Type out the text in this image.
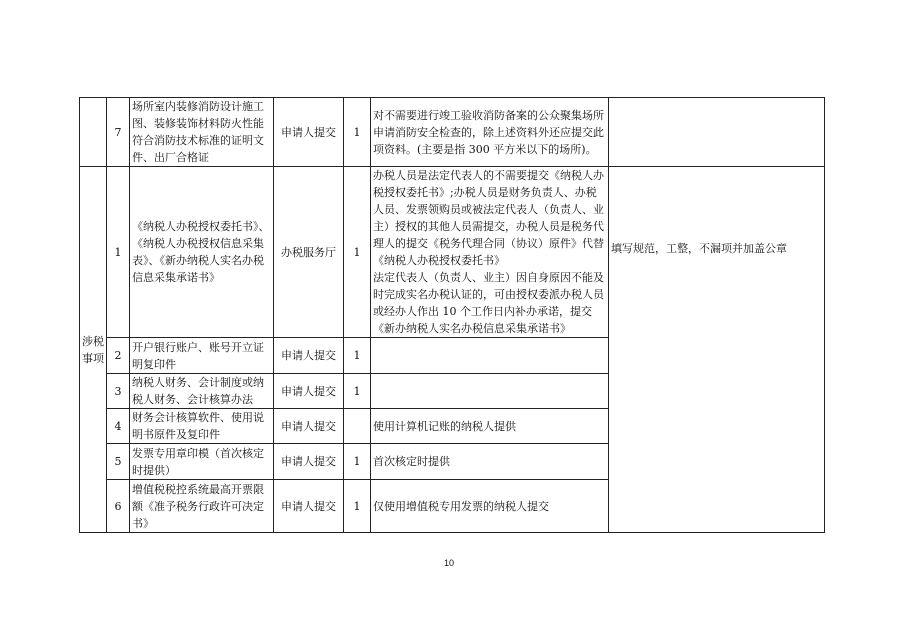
	7	场所室内装修消防设计施工图、装修装饰材料防火性能符合消防技术标准的证明文件、出厂合格证	申请人提交	1	对不需要进行竣工验收消防备案的公众聚集场所申请消防安全检查的，除上述资料外还应提交此项资料。(主要是指 300 平方米以下的场所)。	
涉税事项	1	《纳税人办税授权委托书》、《纳税人办税授权信息采集表》、《新办纳税人实名办税信息采集承诺书》	办税服务厅	1	办税人员是法定代表人的不需要提交《纳税人办税授权委托书》;办税人员是财务负责人、办税人员、发票领购员或被法定代表人（负责人、业主）授权的其他人员需提交，办税人员是税务代理人的提交《税务代理合同（协议）原件》代替《纳税人办税授权委托书》
法定代表人（负责人、业主）因自身原因不能及时完成实名办税认证的，可由授权委派办税人员或经办人作出 10 个工作日内补办承诺，提交《新办纳税人实名办税信息采集承诺书》	填写规范，工整，不漏项并加盖公章
	2	开户银行账户、账号开立证明复印件	申请人提交	1		
	3	纳税人财务、会计制度或纳税人财务、会计核算办法	申请人提交	1		
	4	财务会计核算软件、使用说明书原件及复印件	申请人提交		使用计算机记账的纳税人提供	
	5	发票专用章印模（首次核定时提供）	申请人提交	1	首次核定时提供	
	6	增值税税控系统最高开票限额《准予税务行政许可决定书》	申请人提交	1	仅使用增值税专用发票的纳税人提交	
10
